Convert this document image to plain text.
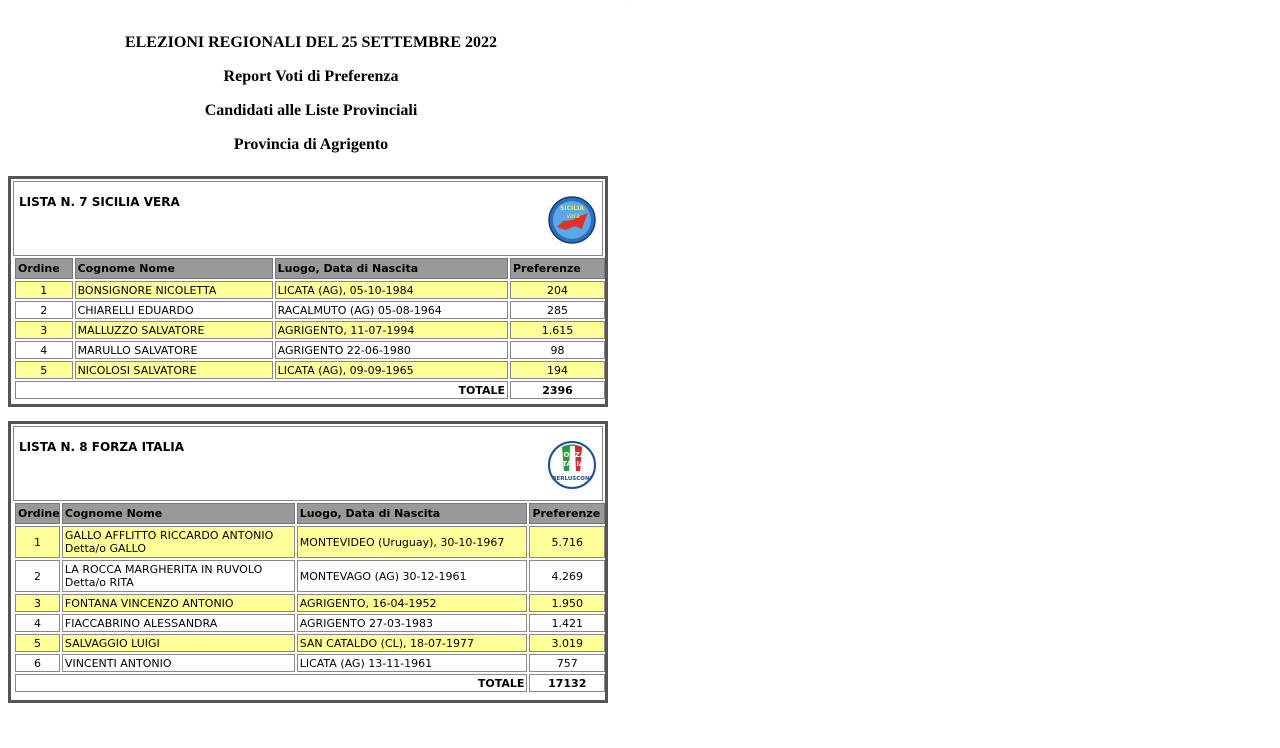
ELEZIONI REGIONALI DEL 25 SETTEMBRE 2022
Report Voti di Preferenza
Candidati alle Liste Provinciali
Provincia di Agrigento
LISTA N. 7 SICILIA VERA	SICILIA
Vera
Ordine	Cognome Nome	Luogo, Data di Nascita	Preferenze
1	BONSIGNORE NICOLETTA	LICATA (AG), 05-10-1984	204
2	CHIARELLI EDUARDO	RACALMUTO (AG) 05-08-1964	285
3	MALLUZZO SALVATORE	AGRIGENTO, 11-07-1994	1.615
4	MARULLO SALVATORE	AGRIGENTO 22-06-1980	98
5	NICOLOSI SALVATORE	LICATA (AG), 09-09-1965	194
TOTALE			2396
LISTA N. 8 FORZA ITALIA
FORZA
ITALIA
BERLUSCONI
Ordine	Cognome Nome	Luogo, Data di Nascita	Preferenze
1	GALLO AFFLITTO RICCARDO ANTONIO
Detta/o GALLO	MONTEVIDEO (Uruguay), 30-10-1967	5.716
2	LA ROCCA MARGHERITA IN RUVOLO
Detta/o RITA	MONTEVAGO (AG) 30-12-1961	4.269
3	FONTANA VINCENZO ANTONIO	AGRIGENTO, 16-04-1952	1.950
4	FIACCABRINO ALESSANDRA	AGRIGENTO 27-03-1983	1.421
5	SALVAGGIO LUIGI	SAN CATALDO (CL), 18-07-1977	3.019
6	VINCENTI ANTONIO	LICATA (AG) 13-11-1961	757
TOTALE			17132
